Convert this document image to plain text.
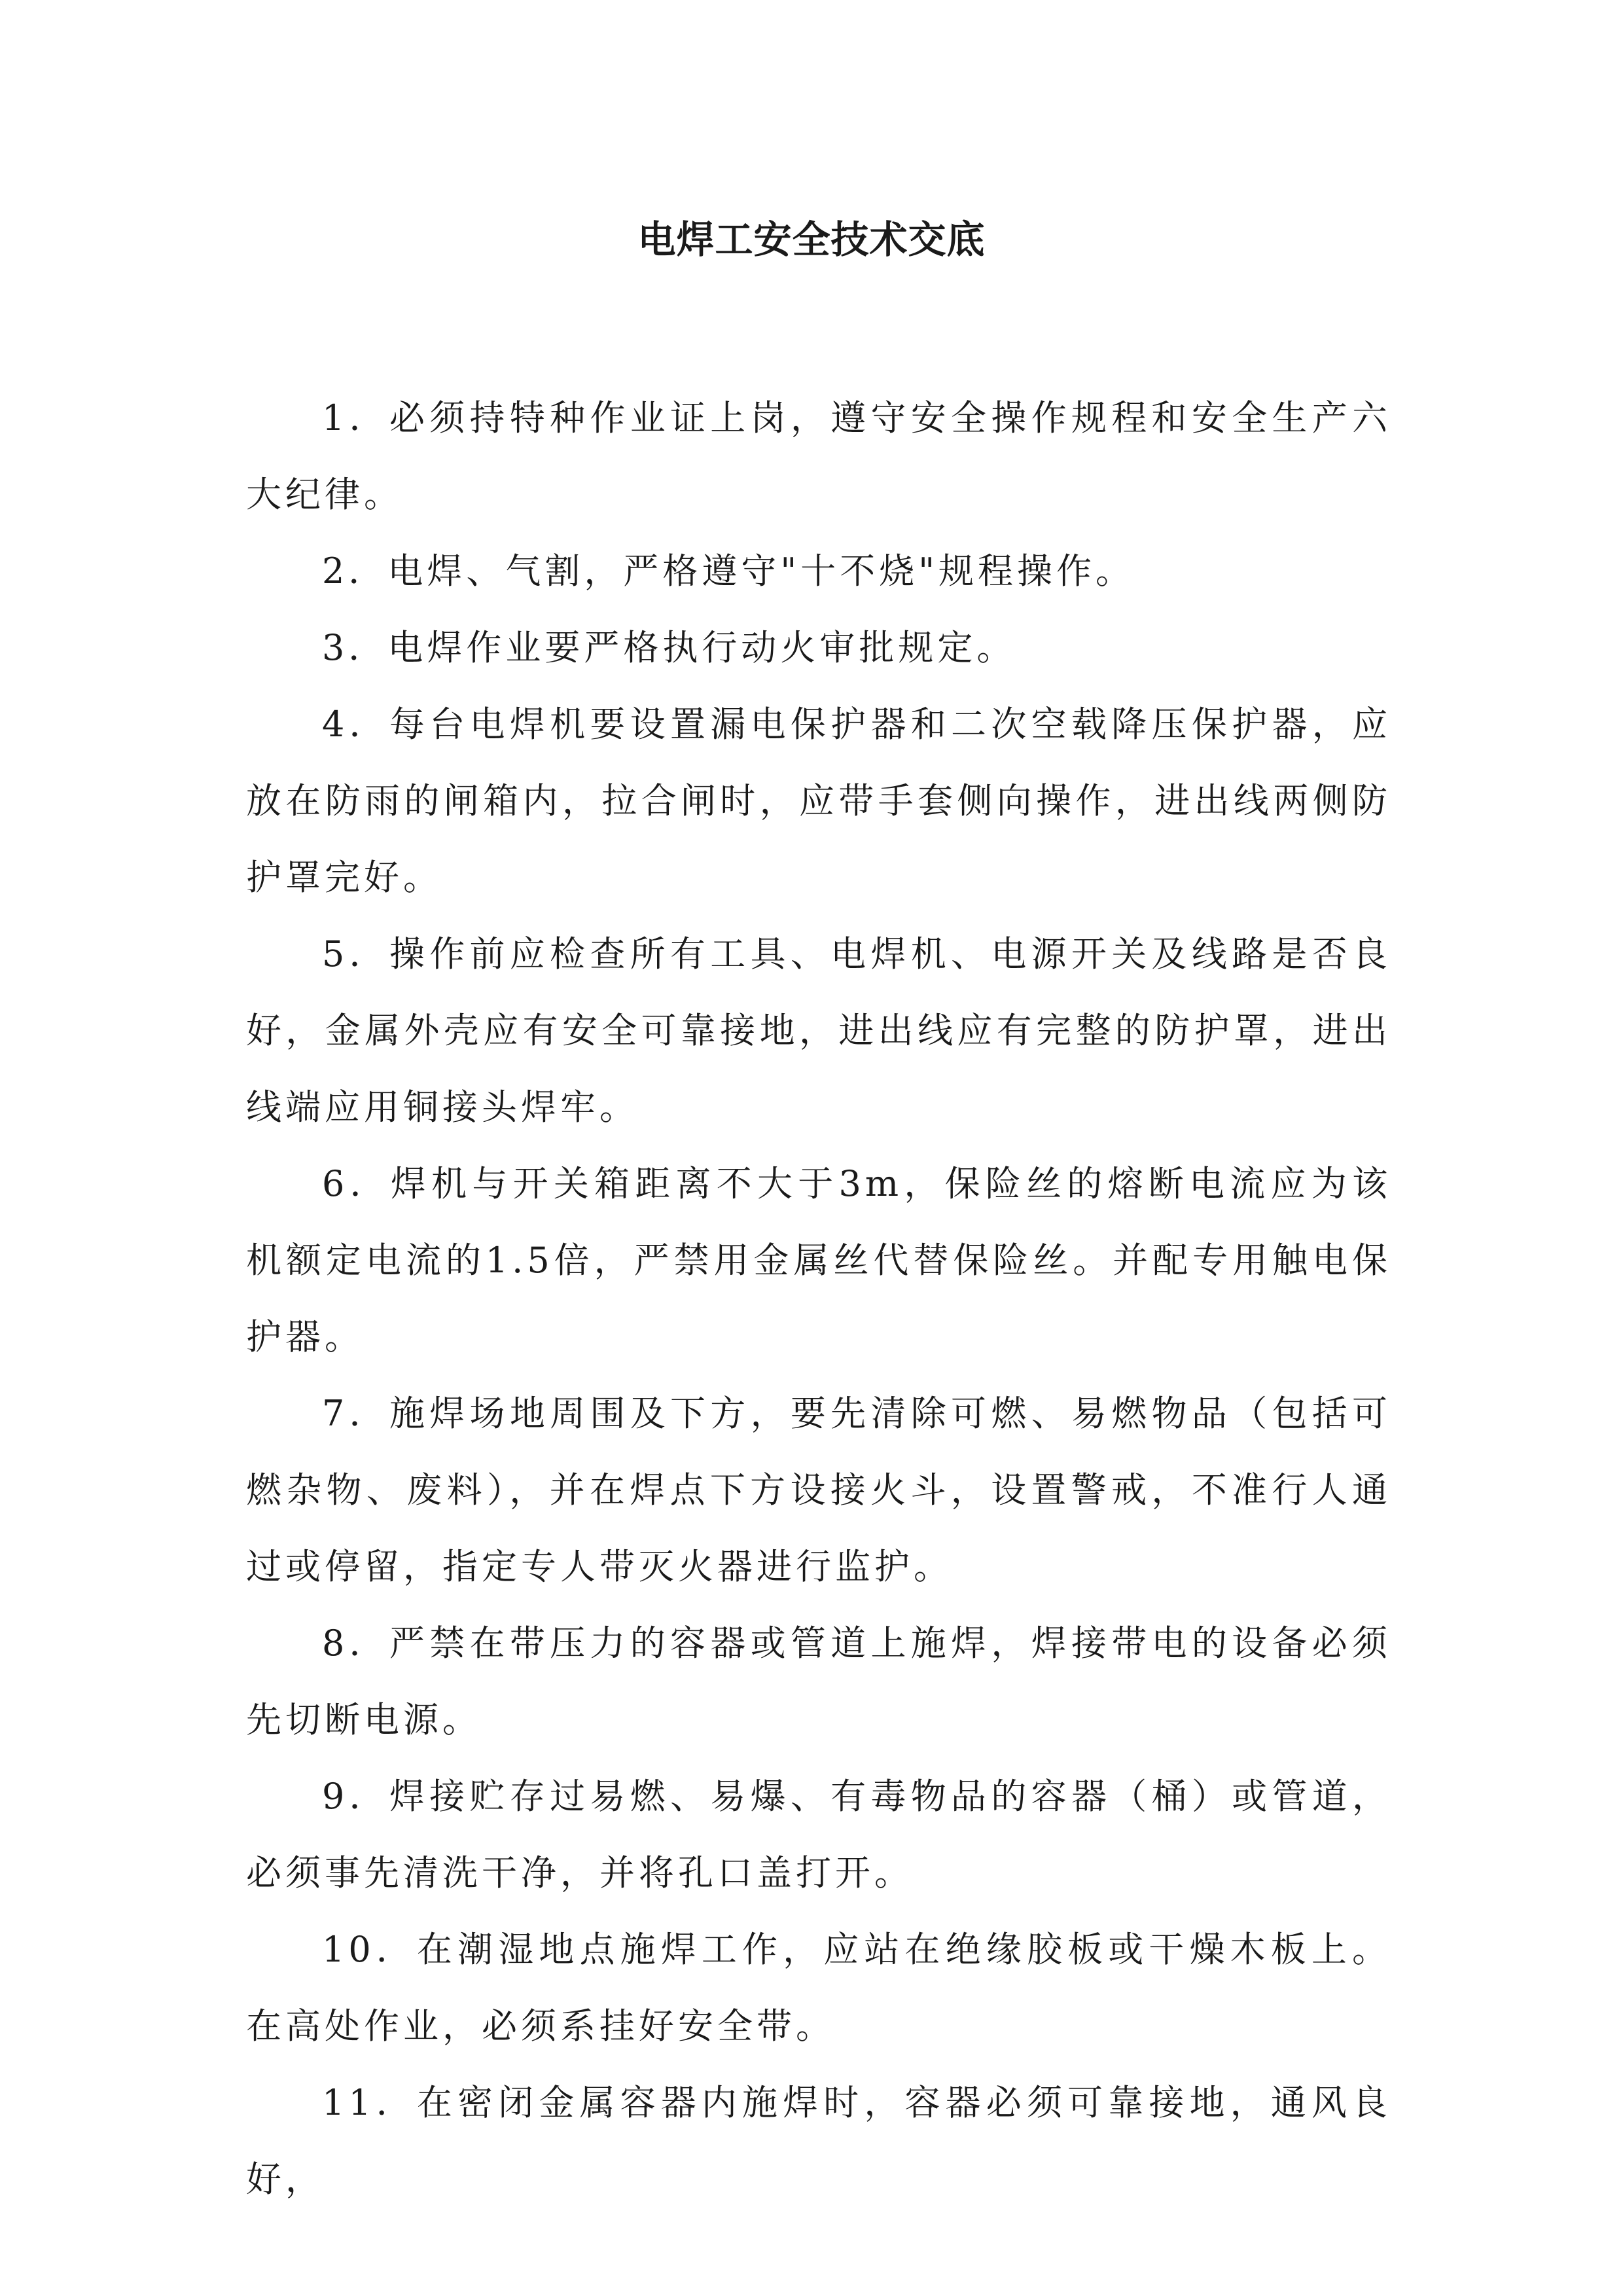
电焊工安全技术交底

1．必须持特种作业证上岗，遵守安全操作规程和安全生产六大纪律。

2．电焊、气割，严格遵守"十不烧"规程操作。

3．电焊作业要严格执行动火审批规定。

4．每台电焊机要设置漏电保护器和二次空载降压保护器，应放在防雨的闸箱内，拉合闸时，应带手套侧向操作，进出线两侧防护罩完好。

5．操作前应检查所有工具、电焊机、电源开关及线路是否良好，金属外壳应有安全可靠接地，进出线应有完整的防护罩，进出线端应用铜接头焊牢。

6．焊机与开关箱距离不大于3m，保险丝的熔断电流应为该机额定电流的1.5倍，严禁用金属丝代替保险丝。并配专用触电保护器。

7．施焊场地周围及下方，要先清除可燃、易燃物品（包括可燃杂物、废料），并在焊点下方设接火斗，设置警戒，不准行人通过或停留，指定专人带灭火器进行监护。

8．严禁在带压力的容器或管道上施焊，焊接带电的设备必须先切断电源。

9．焊接贮存过易燃、易爆、有毒物品的容器（桶）或管道，必须事先清洗干净，并将孔口盖打开。

10．在潮湿地点施焊工作，应站在绝缘胶板或干燥木板上。在高处作业，必须系挂好安全带。

11．在密闭金属容器内施焊时，容器必须可靠接地，通风良好，
